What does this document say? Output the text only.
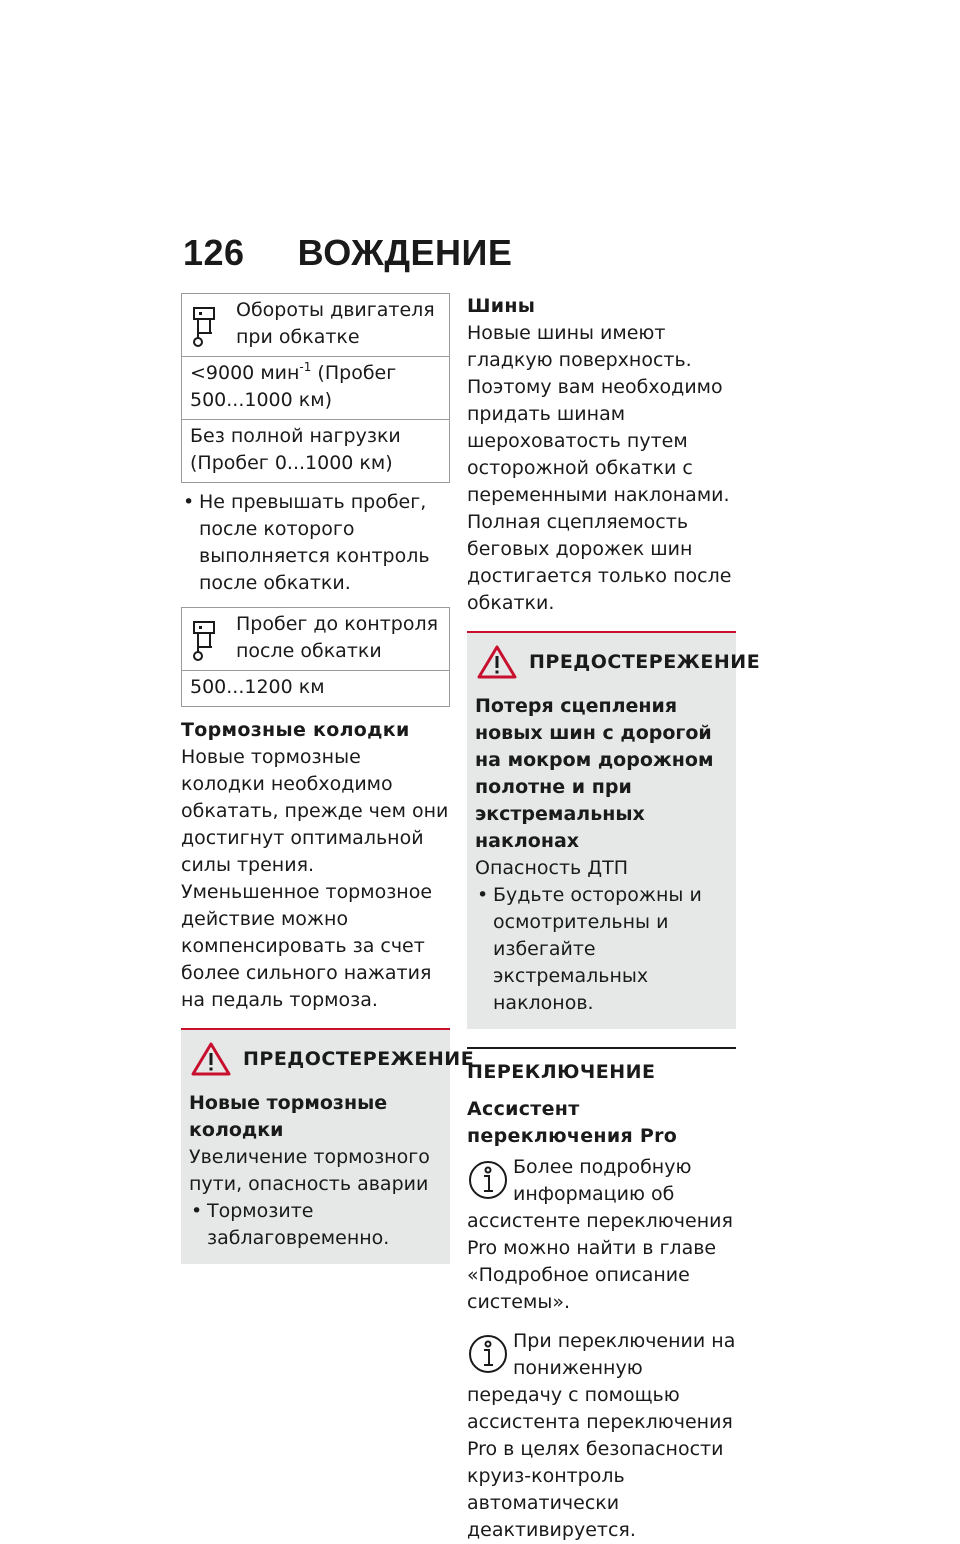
126 ВОЖДЕНИЕ
Обороты двигателя при обкатке
<9000 мин$^{-1}$ (Пробег 500...1000 км)
Без полной нагрузки (Пробег 0...1000 км)
• Не превышать пробег, после которого выполняется контроль после обкатки.
Пробег до контроля после обкатки
500...1200 км
Тормозные колодки

Новые тормозные колодки необходимо обкатать, прежде чем они достигнут оптимальной силы трения. Уменьшенное тормозное действие можно компенсировать за счет более сильного нажатия на педаль тормоза.

ПРЕДОСТЕРЕЖЕНИЕ

Новые тормозные колодки

Увеличение тормозного пути, опасность аварии

• Тормозите заблаговременно.
Шины

Новые шины имеют гладкую поверхность. Поэтому вам необходимо придать шинам шероховатость путем осторожной обкатки с переменными наклонами. Полная сцепляемость беговых дорожек шин достигается только после обкатки.

ПРЕДОСТЕРЕЖЕНИЕ

Потеря сцепления новых шин с дорогой на мокром дорожном полотне и при экстремальных наклонах

Опасность ДТП

• Будьте осторожны и осмотрительны и избегайте экстремальных наклонов.
ПЕРЕКЛЮЧЕНИЕ
Ассистент переключения Pro

Более подробную информацию об ассистенте переключения Pro можно найти в главе «Подробное описание системы».

При переключении на пониженную передачу с помощью ассистента переключения Pro в целях безопасности круиз-контроль автоматически деактивируется.
